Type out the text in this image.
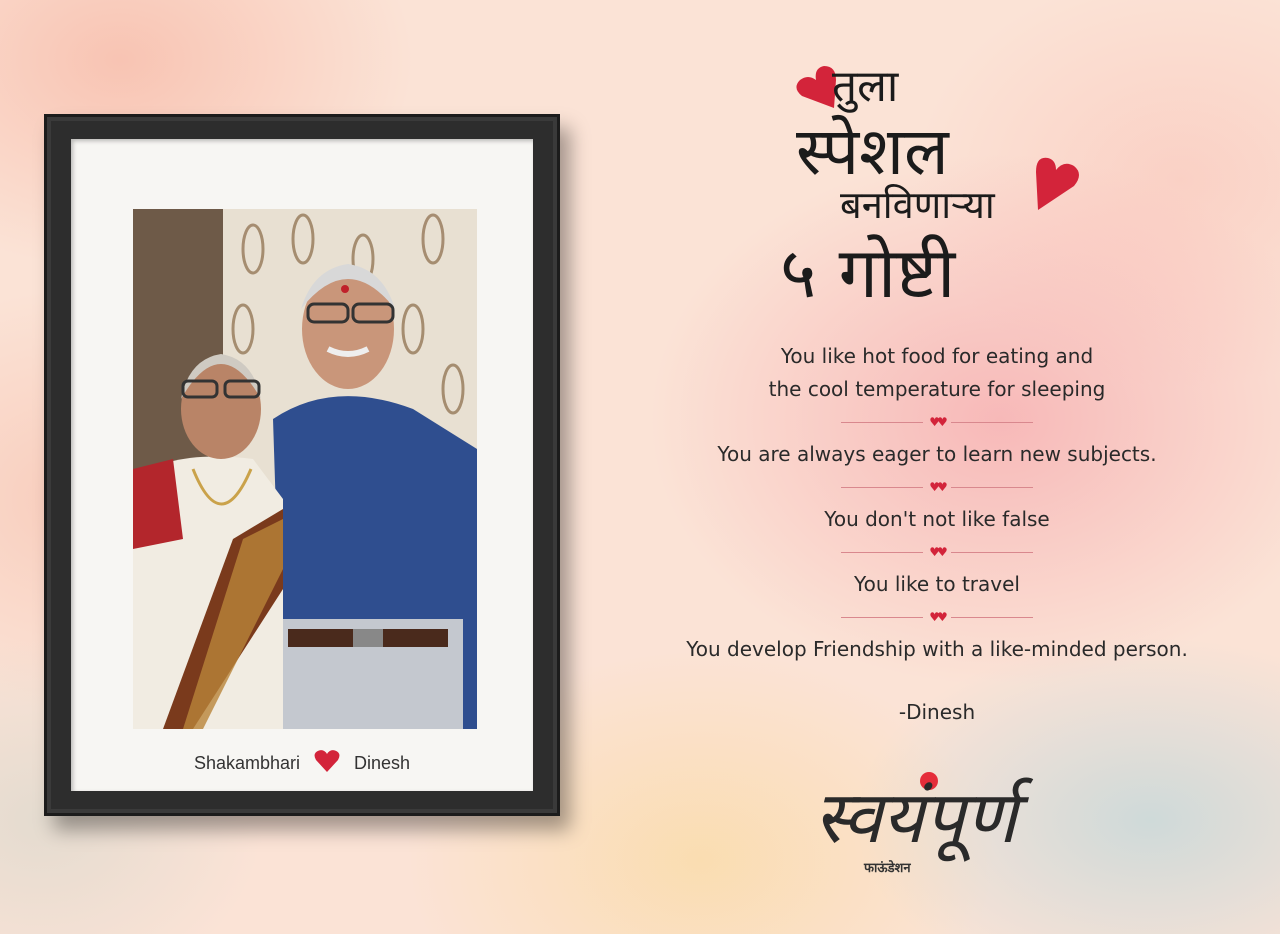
Shakambhari	Dinesh
तुला
स्पेशल
बनविणाऱ्या
५ गोष्टी
You like hot food for eating and
the cool temperature for sleeping
♥♥
You are always eager to learn new subjects.
♥♥
You don't not like false
♥♥
You like to travel
♥♥
You develop Friendship with a like-minded person.
-Dinesh
स्वयंपूर्ण
फाऊंडेशन
